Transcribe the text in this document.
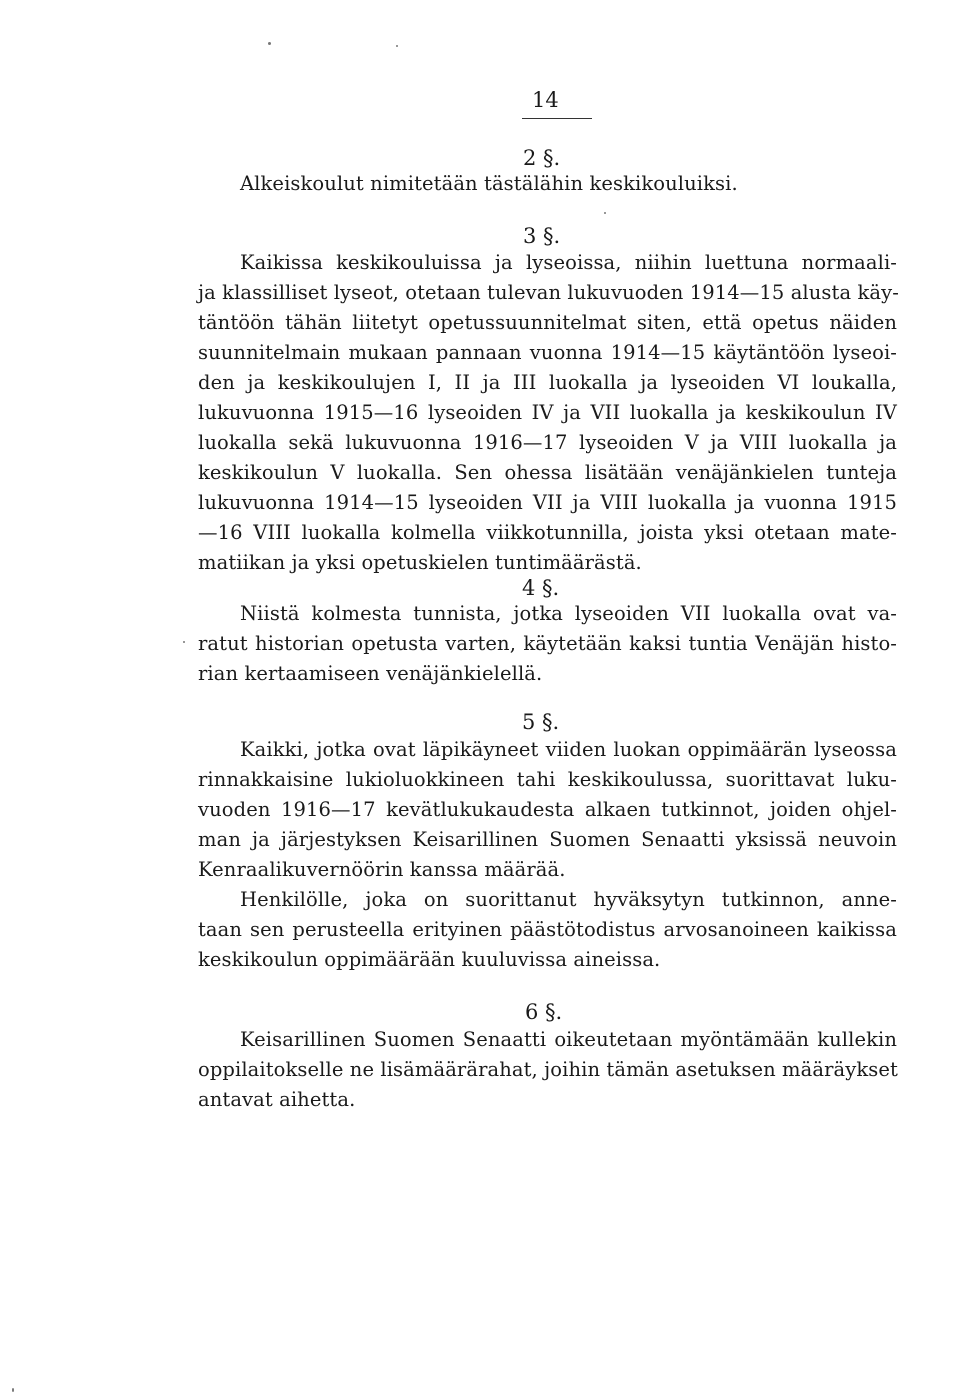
14
2 §.
Alkeiskoulut nimitetään tästälähin keskikouluiksi.
3 §.
Kaikissa keskikouluissa ja lyseoissa, niihin luettuna normaali-
ja klassilliset lyseot, otetaan tulevan lukuvuoden 1914—15 alusta käy-
täntöön tähän liitetyt opetussuunnitelmat siten, että opetus näiden
suunnitelmain mukaan pannaan vuonna 1914—15 käytäntöön lyseoi-
den ja keskikoulujen I, II ja III luokalla ja lyseoiden VI loukalla,
lukuvuonna 1915—16 lyseoiden IV ja VII luokalla ja keskikoulun IV
luokalla sekä lukuvuonna 1916—17 lyseoiden V ja VIII luokalla ja
keskikoulun V luokalla. Sen ohessa lisätään venäjänkielen tunteja
lukuvuonna 1914—15 lyseoiden VII ja VIII luokalla ja vuonna 1915
—16 VIII luokalla kolmella viikkotunnilla, joista yksi otetaan mate-
matiikan ja yksi opetuskielen tuntimäärästä.
4 §.
Niistä kolmesta tunnista, jotka lyseoiden VII luokalla ovat va-
ratut historian opetusta varten, käytetään kaksi tuntia Venäjän histo-
rian kertaamiseen venäjänkielellä.
5 §.
Kaikki, jotka ovat läpikäyneet viiden luokan oppimäärän lyseossa
rinnakkaisine lukioluokkineen tahi keskikoulussa, suorittavat luku-
vuoden 1916—17 kevätlukukaudesta alkaen tutkinnot, joiden ohjel-
man ja järjestyksen Keisarillinen Suomen Senaatti yksissä neuvoin
Kenraalikuvernöörin kanssa määrää.
Henkilölle, joka on suorittanut hyväksytyn tutkinnon, anne-
taan sen perusteella erityinen päästötodistus arvosanoineen kaikissa
keskikoulun oppimäärään kuuluvissa aineissa.
6 §.
Keisarillinen Suomen Senaatti oikeutetaan myöntämään kullekin
oppilaitokselle ne lisämäärärahat, joihin tämän asetuksen määräykset
antavat aihetta.
